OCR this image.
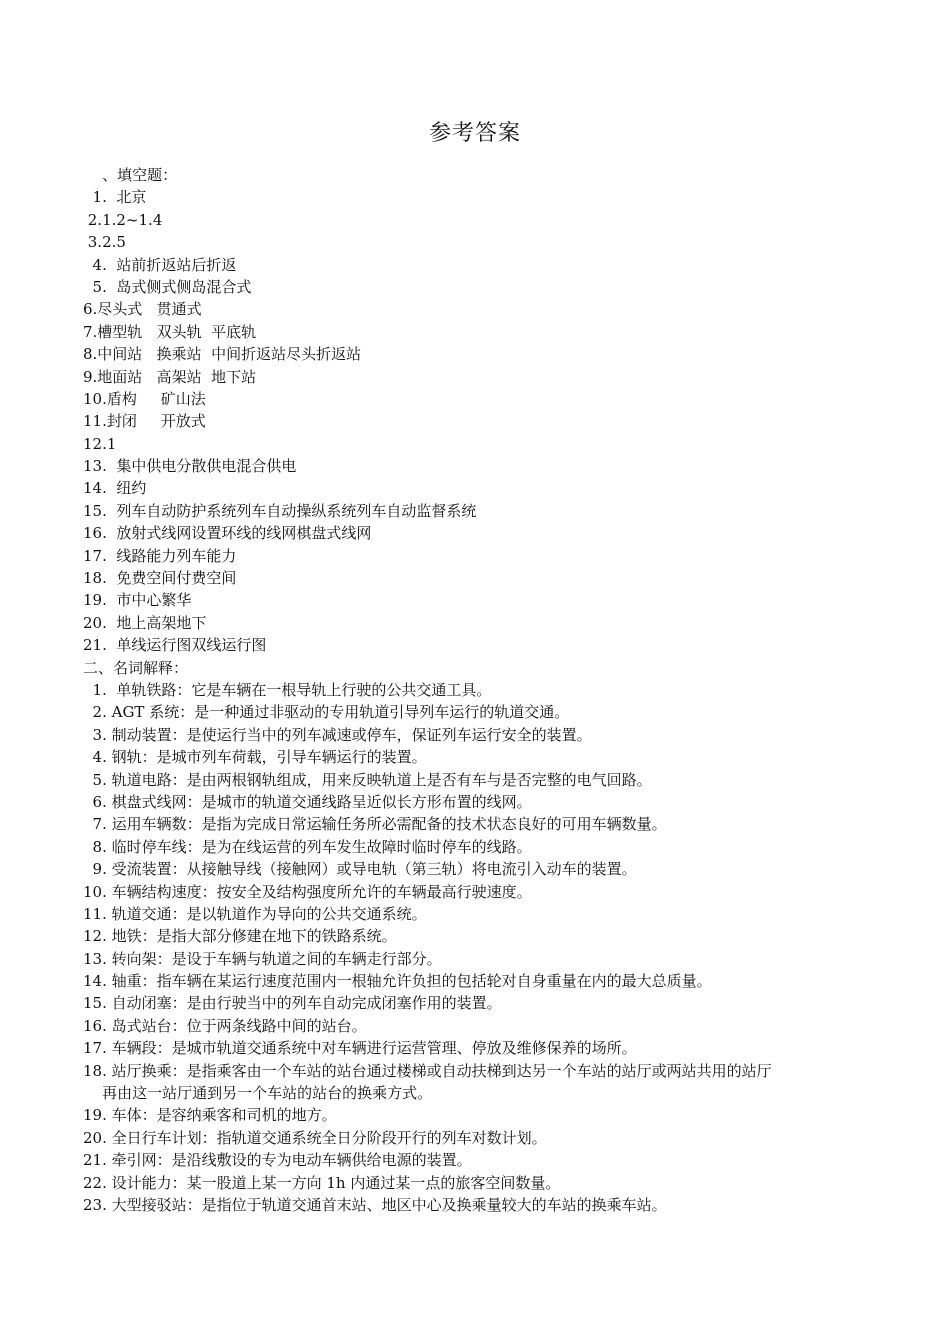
参考答案
、填空题：
1.  北京
2.1.2~1.4
3.2.5
4.  站前折返站后折返
5.  岛式侧式侧岛混合式
6.尽头式   贯通式
7.槽型轨   双头轨  平底轨
8.中间站   换乘站  中间折返站尽头折返站
9.地面站   高架站  地下站
10.盾构     矿山法
11.封闭     开放式
12.1
13.  集中供电分散供电混合供电
14.  纽约
15.  列车自动防护系统列车自动操纵系统列车自动监督系统
16.  放射式线网设置环线的线网棋盘式线网
17.  线路能力列车能力
18.  免费空间付费空间
19.  市中心繁华
20.  地上高架地下
21.  单线运行图双线运行图
二、名词解释：
1.  单轨铁路：它是车辆在一根导轨上行驶的公共交通工具。
2. AGT 系统：是一种通过非驱动的专用轨道引导列车运行的轨道交通。
3. 制动装置：是使运行当中的列车减速或停车，保证列车运行安全的装置。
4. 钢轨：是城市列车荷载，引导车辆运行的装置。
5. 轨道电路：是由两根钢轨组成，用来反映轨道上是否有车与是否完整的电气回路。
6. 棋盘式线网：是城市的轨道交通线路呈近似长方形布置的线网。
7. 运用车辆数：是指为完成日常运输任务所必需配备的技术状态良好的可用车辆数量。
8. 临时停车线：是为在线运营的列车发生故障时临时停车的线路。
9. 受流装置：从接触导线（接触网）或导电轨（第三轨）将电流引入动车的装置。
10. 车辆结构速度：按安全及结构强度所允许的车辆最高行驶速度。
11. 轨道交通：是以轨道作为导向的公共交通系统。
12. 地铁：是指大部分修建在地下的铁路系统。
13. 转向架：是设于车辆与轨道之间的车辆走行部分。
14. 轴重：指车辆在某运行速度范围内一根轴允许负担的包括轮对自身重量在内的最大总质量。
15. 自动闭塞：是由行驶当中的列车自动完成闭塞作用的装置。
16. 岛式站台：位于两条线路中间的站台。
17. 车辆段：是城市轨道交通系统中对车辆进行运营管理、停放及维修保养的场所。
18. 站厅换乘：是指乘客由一个车站的站台通过楼梯或自动扶梯到达另一个车站的站厅或两站共用的站厅
再由这一站厅通到另一个车站的站台的换乘方式。
19. 车体：是容纳乘客和司机的地方。
20. 全日行车计划：指轨道交通系统全日分阶段开行的列车对数计划。
21. 牵引网：是沿线敷设的专为电动车辆供给电源的装置。
22. 设计能力：某一股道上某一方向 1h 内通过某一点的旅客空间数量。
23. 大型接驳站：是指位于轨道交通首末站、地区中心及换乘量较大的车站的换乘车站。
